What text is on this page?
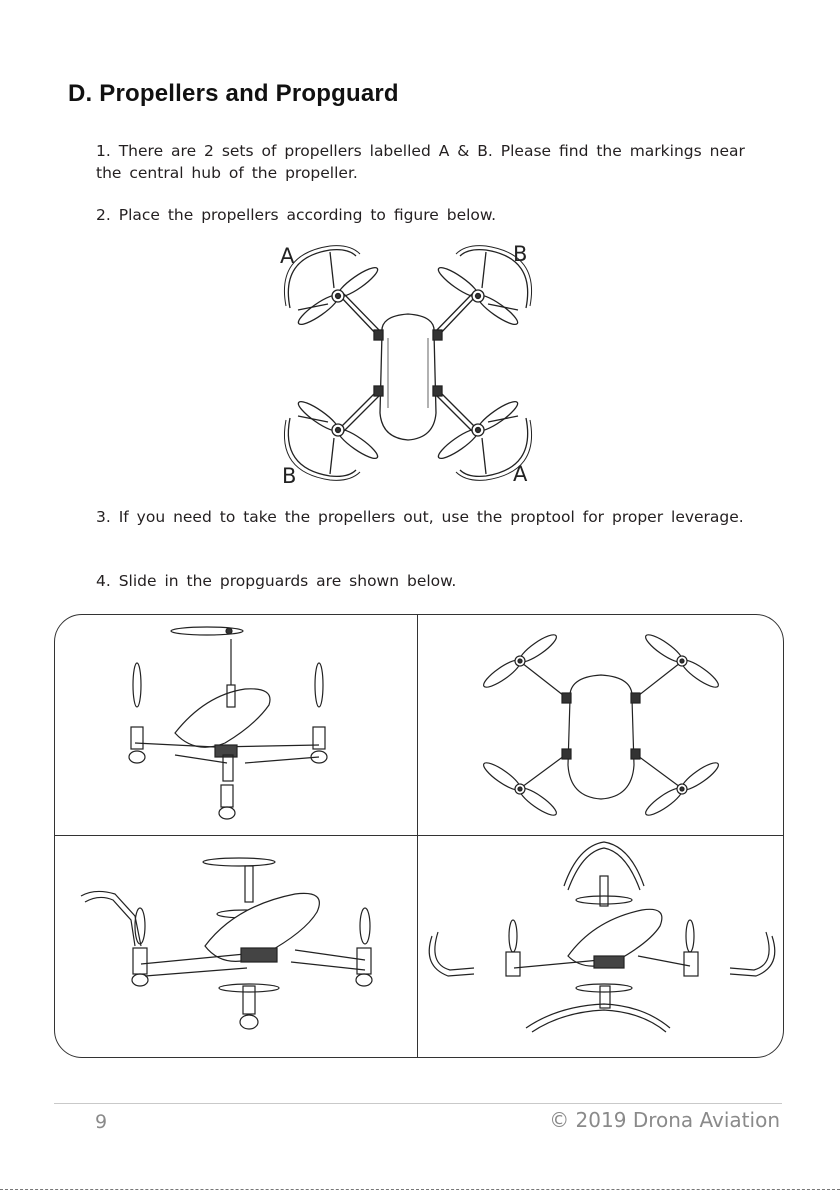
D. Propellers and Propguard

1. There are 2 sets of propellers labelled A & B. Please find the markings near the central hub of the propeller.

2. Place the propellers according to figure below.

A	B
B	A

3. If you need to take the propellers out, use the proptool for proper leverage.

4. Slide in the propguards are shown below.

9	© 2019 Drona Aviation
